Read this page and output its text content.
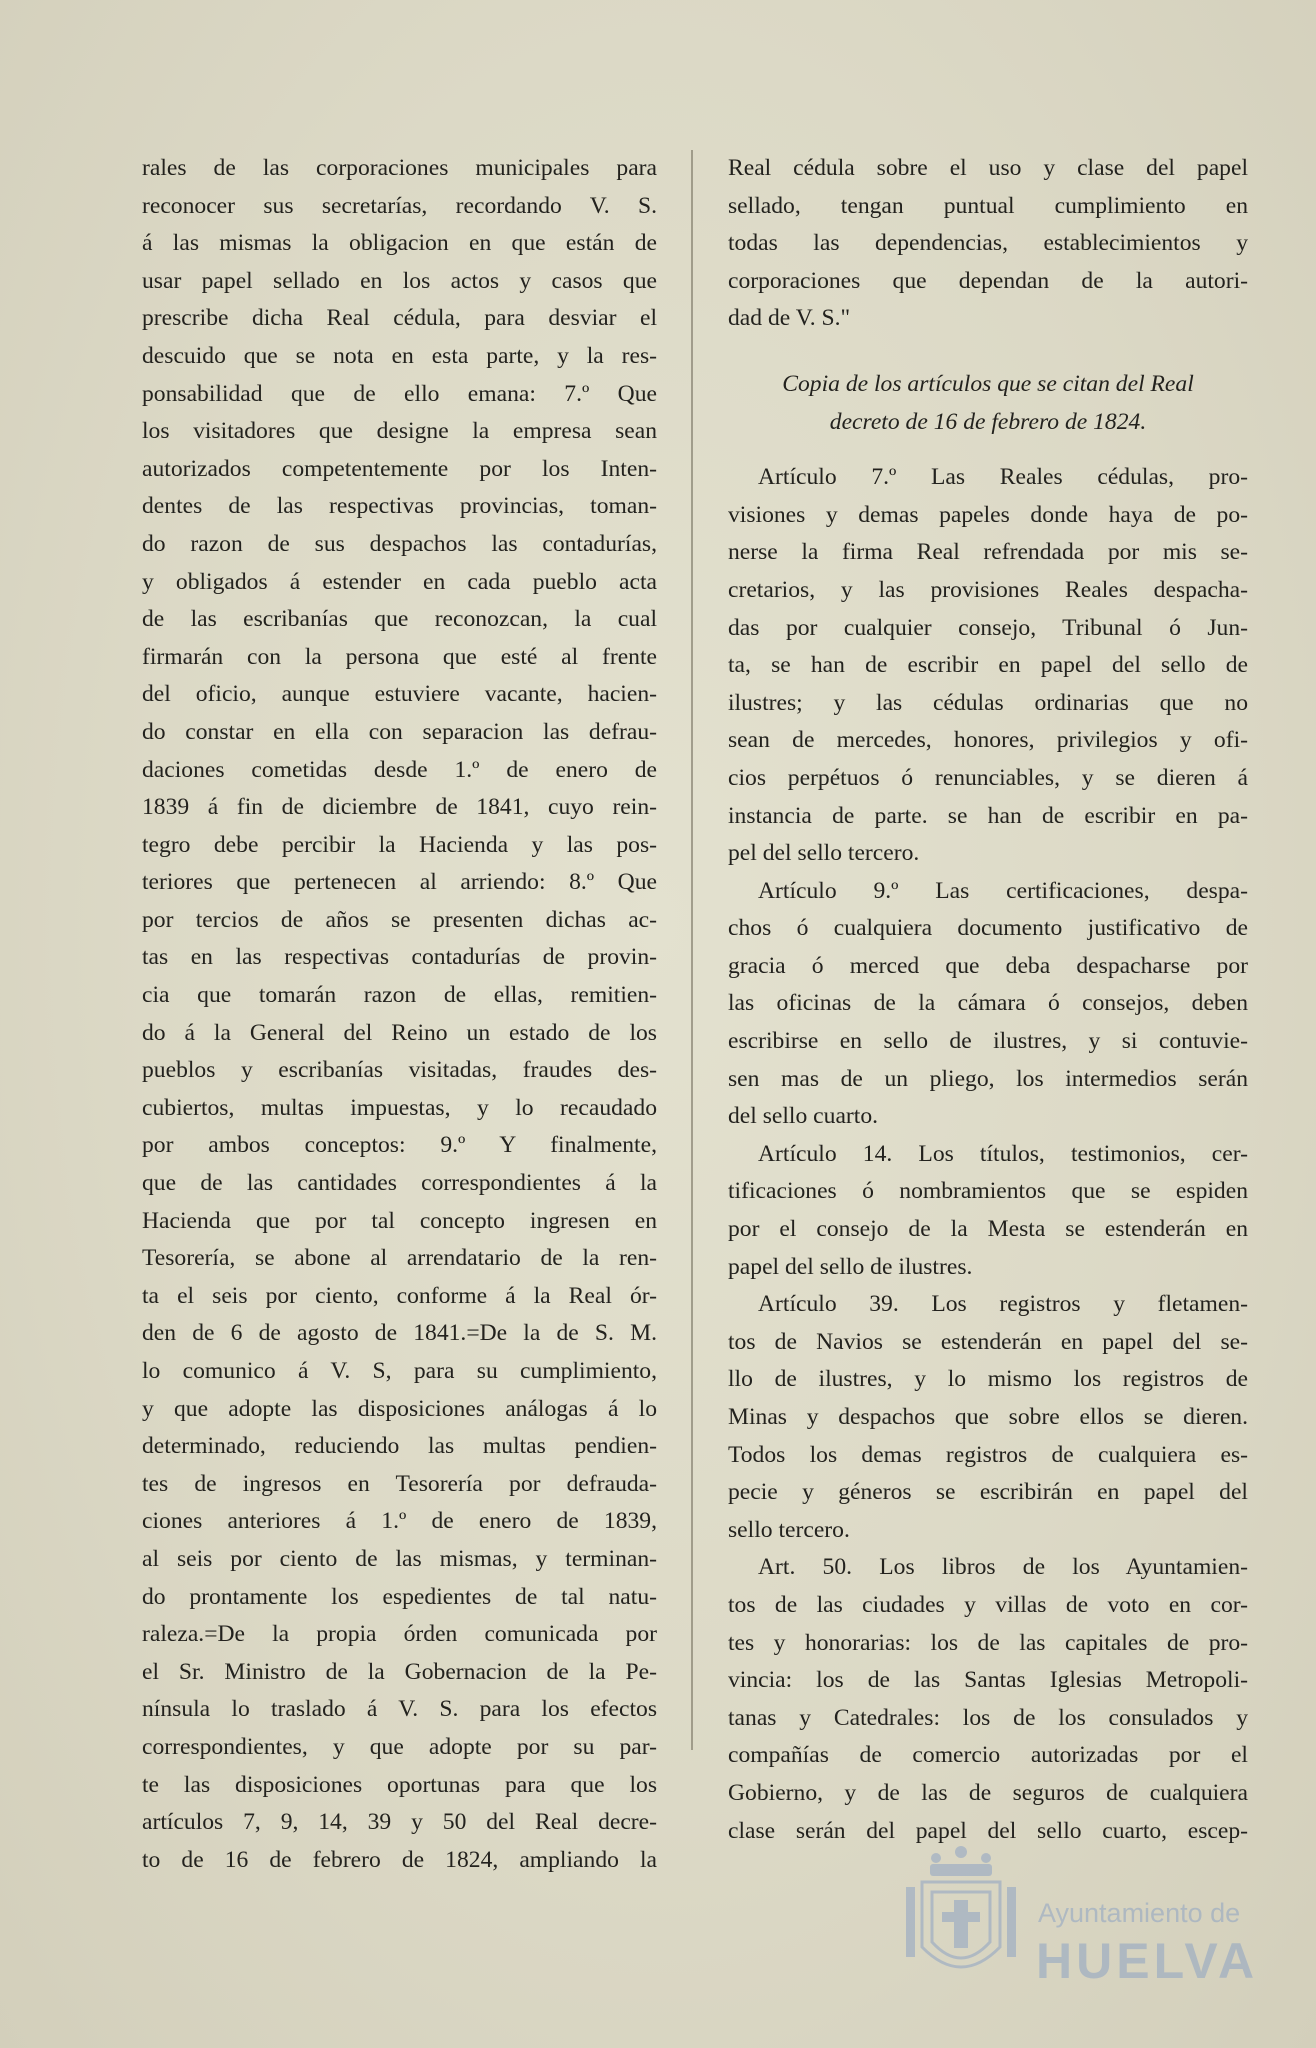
rales de las corporaciones municipales para
reconocer sus secretarías, recordando V. S.
á las mismas la obligacion en que están de
usar papel sellado en los actos y casos que
prescribe dicha Real cédula, para desviar el
descuido que se nota en esta parte, y la res-
ponsabilidad que de ello emana: 7.º Que
los visitadores que designe la empresa sean
autorizados competentemente por los Inten-
dentes de las respectivas provincias, toman-
do razon de sus despachos las contadurías,
y obligados á estender en cada pueblo acta
de las escribanías que reconozcan, la cual
firmarán con la persona que esté al frente
del oficio, aunque estuviere vacante, hacien-
do constar en ella con separacion las defrau-
daciones cometidas desde 1.º de enero de
1839 á fin de diciembre de 1841, cuyo rein-
tegro debe percibir la Hacienda y las pos-
teriores que pertenecen al arriendo: 8.º Que
por tercios de años se presenten dichas ac-
tas en las respectivas contadurías de provin-
cia que tomarán razon de ellas, remitien-
do á la General del Reino un estado de los
pueblos y escribanías visitadas, fraudes des-
cubiertos, multas impuestas, y lo recaudado
por ambos conceptos: 9.º Y finalmente,
que de las cantidades correspondientes á la
Hacienda que por tal concepto ingresen en
Tesorería, se abone al arrendatario de la ren-
ta el seis por ciento, conforme á la Real ór-
den de 6 de agosto de 1841.=De la de S. M.
lo comunico á V. S, para su cumplimiento,
y que adopte las disposiciones análogas á lo
determinado, reduciendo las multas pendien-
tes de ingresos en Tesorería por defrauda-
ciones anteriores á 1.º de enero de 1839,
al seis por ciento de las mismas, y terminan-
do prontamente los espedientes de tal natu-
raleza.=De la propia órden comunicada por
el Sr. Ministro de la Gobernacion de la Pe-
nínsula lo traslado á V. S. para los efectos
correspondientes, y que adopte por su par-
te las disposiciones oportunas para que los
artículos 7, 9, 14, 39 y 50 del Real decre-
to de 16 de febrero de 1824, ampliando la
Real cédula sobre el uso y clase del papel
sellado, tengan puntual cumplimiento en
todas las dependencias, establecimientos y
corporaciones que dependan de la autori-
dad de V. S."
Copia de los artículos que se citan del Real
decreto de 16 de febrero de 1824.
Artículo 7.º Las Reales cédulas, pro-
visiones y demas papeles donde haya de po-
nerse la firma Real refrendada por mis se-
cretarios, y las provisiones Reales despacha-
das por cualquier consejo, Tribunal ó Jun-
ta, se han de escribir en papel del sello de
ilustres; y las cédulas ordinarias que no
sean de mercedes, honores, privilegios y ofi-
cios perpétuos ó renunciables, y se dieren á
instancia de parte. se han de escribir en pa-
pel del sello tercero.
Artículo 9.º Las certificaciones, despa-
chos ó cualquiera documento justificativo de
gracia ó merced que deba despacharse por
las oficinas de la cámara ó consejos, deben
escribirse en sello de ilustres, y si contuvie-
sen mas de un pliego, los intermedios serán
del sello cuarto.
Artículo 14. Los títulos, testimonios, cer-
tificaciones ó nombramientos que se espiden
por el consejo de la Mesta se estenderán en
papel del sello de ilustres.
Artículo 39. Los registros y fletamen-
tos de Navios se estenderán en papel del se-
llo de ilustres, y lo mismo los registros de
Minas y despachos que sobre ellos se dieren.
Todos los demas registros de cualquiera es-
pecie y géneros se escribirán en papel del
sello tercero.
Art. 50. Los libros de los Ayuntamien-
tos de las ciudades y villas de voto en cor-
tes y honorarias: los de las capitales de pro-
vincia: los de las Santas Iglesias Metropoli-
tanas y Catedrales: los de los consulados y
compañías de comercio autorizadas por el
Gobierno, y de las de seguros de cualquiera
clase serán del papel del sello cuarto, escep-
Ayuntamiento de
HUELVA
